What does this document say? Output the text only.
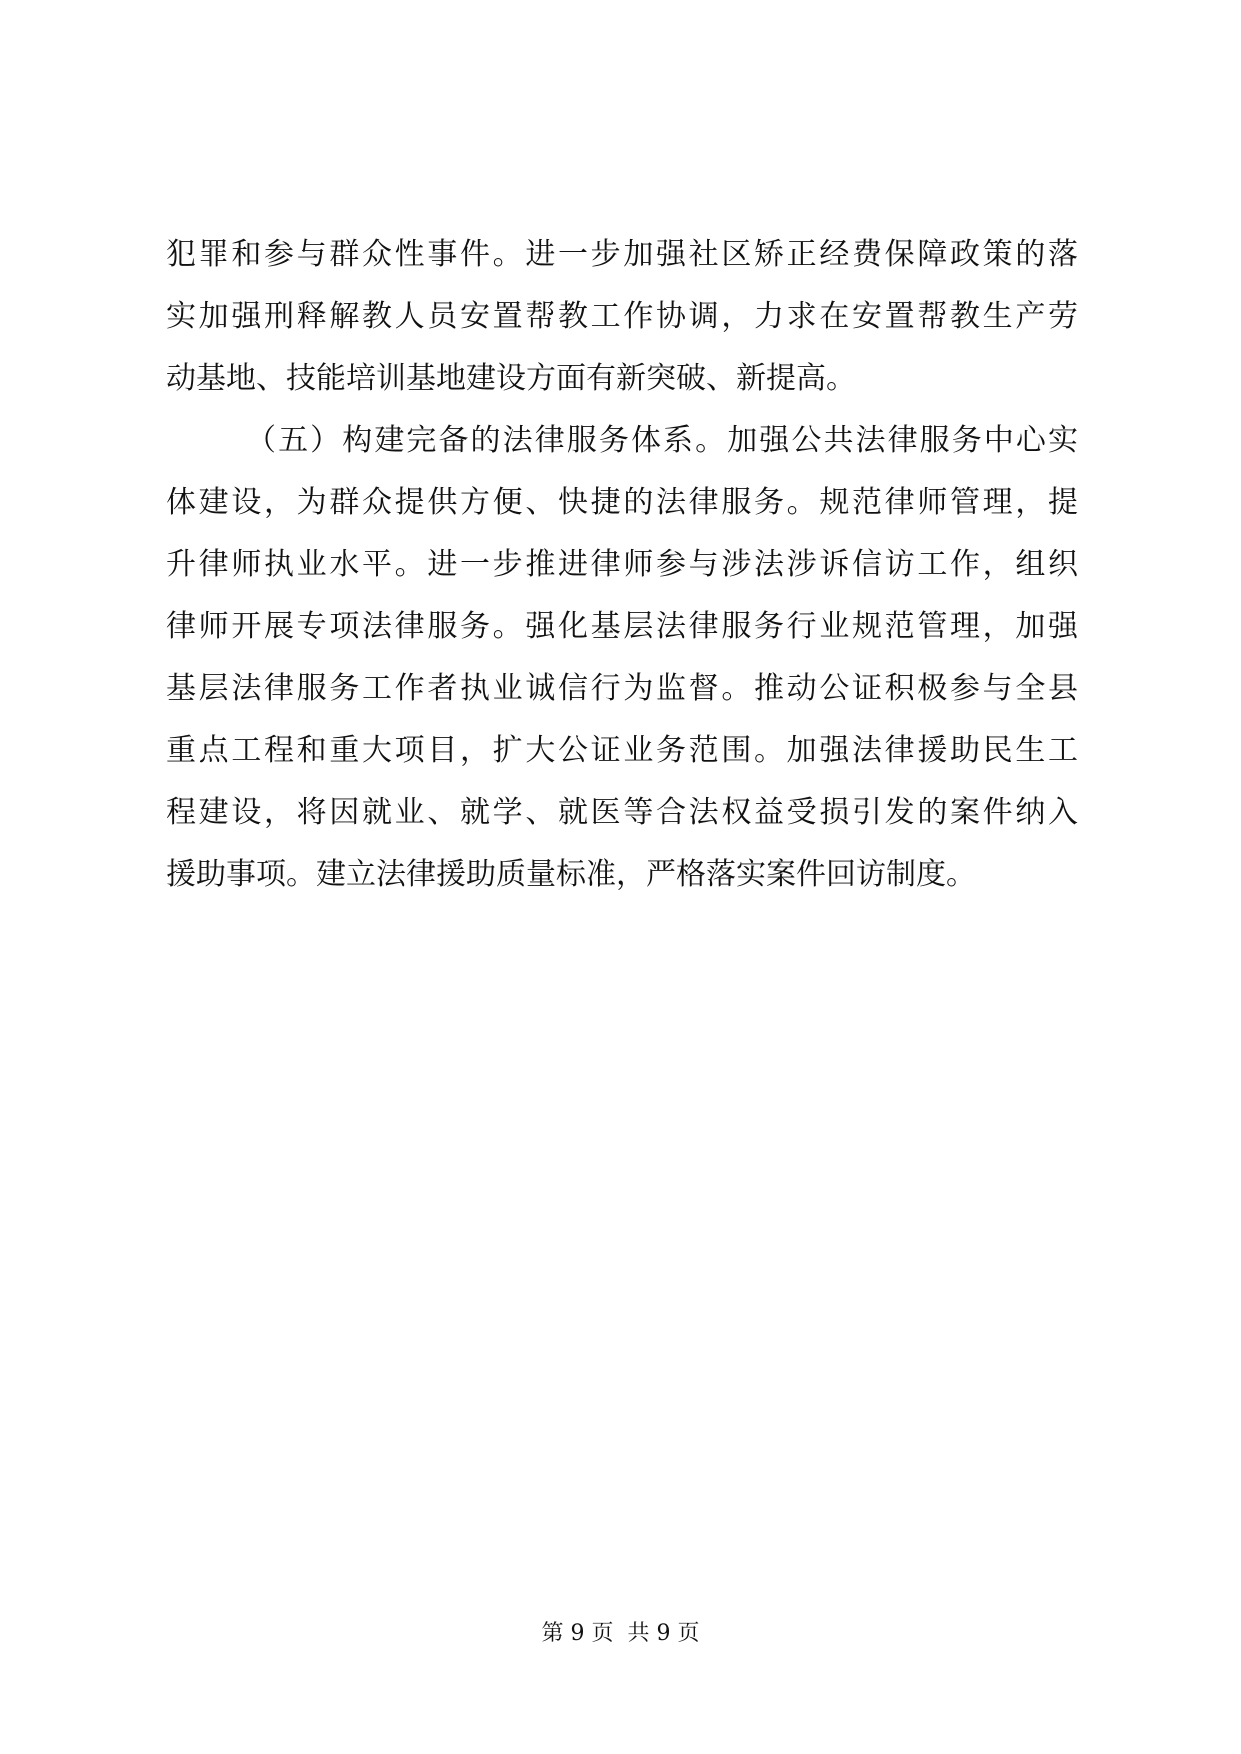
犯罪和参与群众性事件。进一步加强社区矫正经费保障政策的落
实加强刑释解教人员安置帮教工作协调，力求在安置帮教生产劳
动基地、技能培训基地建设方面有新突破、新提高。
（五）构建完备的法律服务体系。加强公共法律服务中心实
体建设，为群众提供方便、快捷的法律服务。规范律师管理，提
升律师执业水平。进一步推进律师参与涉法涉诉信访工作，组织
律师开展专项法律服务。强化基层法律服务行业规范管理，加强
基层法律服务工作者执业诚信行为监督。推动公证积极参与全县
重点工程和重大项目，扩大公证业务范围。加强法律援助民生工
程建设，将因就业、就学、就医等合法权益受损引发的案件纳入
援助事项。建立法律援助质量标准，严格落实案件回访制度。
第 9 页 共 9 页
